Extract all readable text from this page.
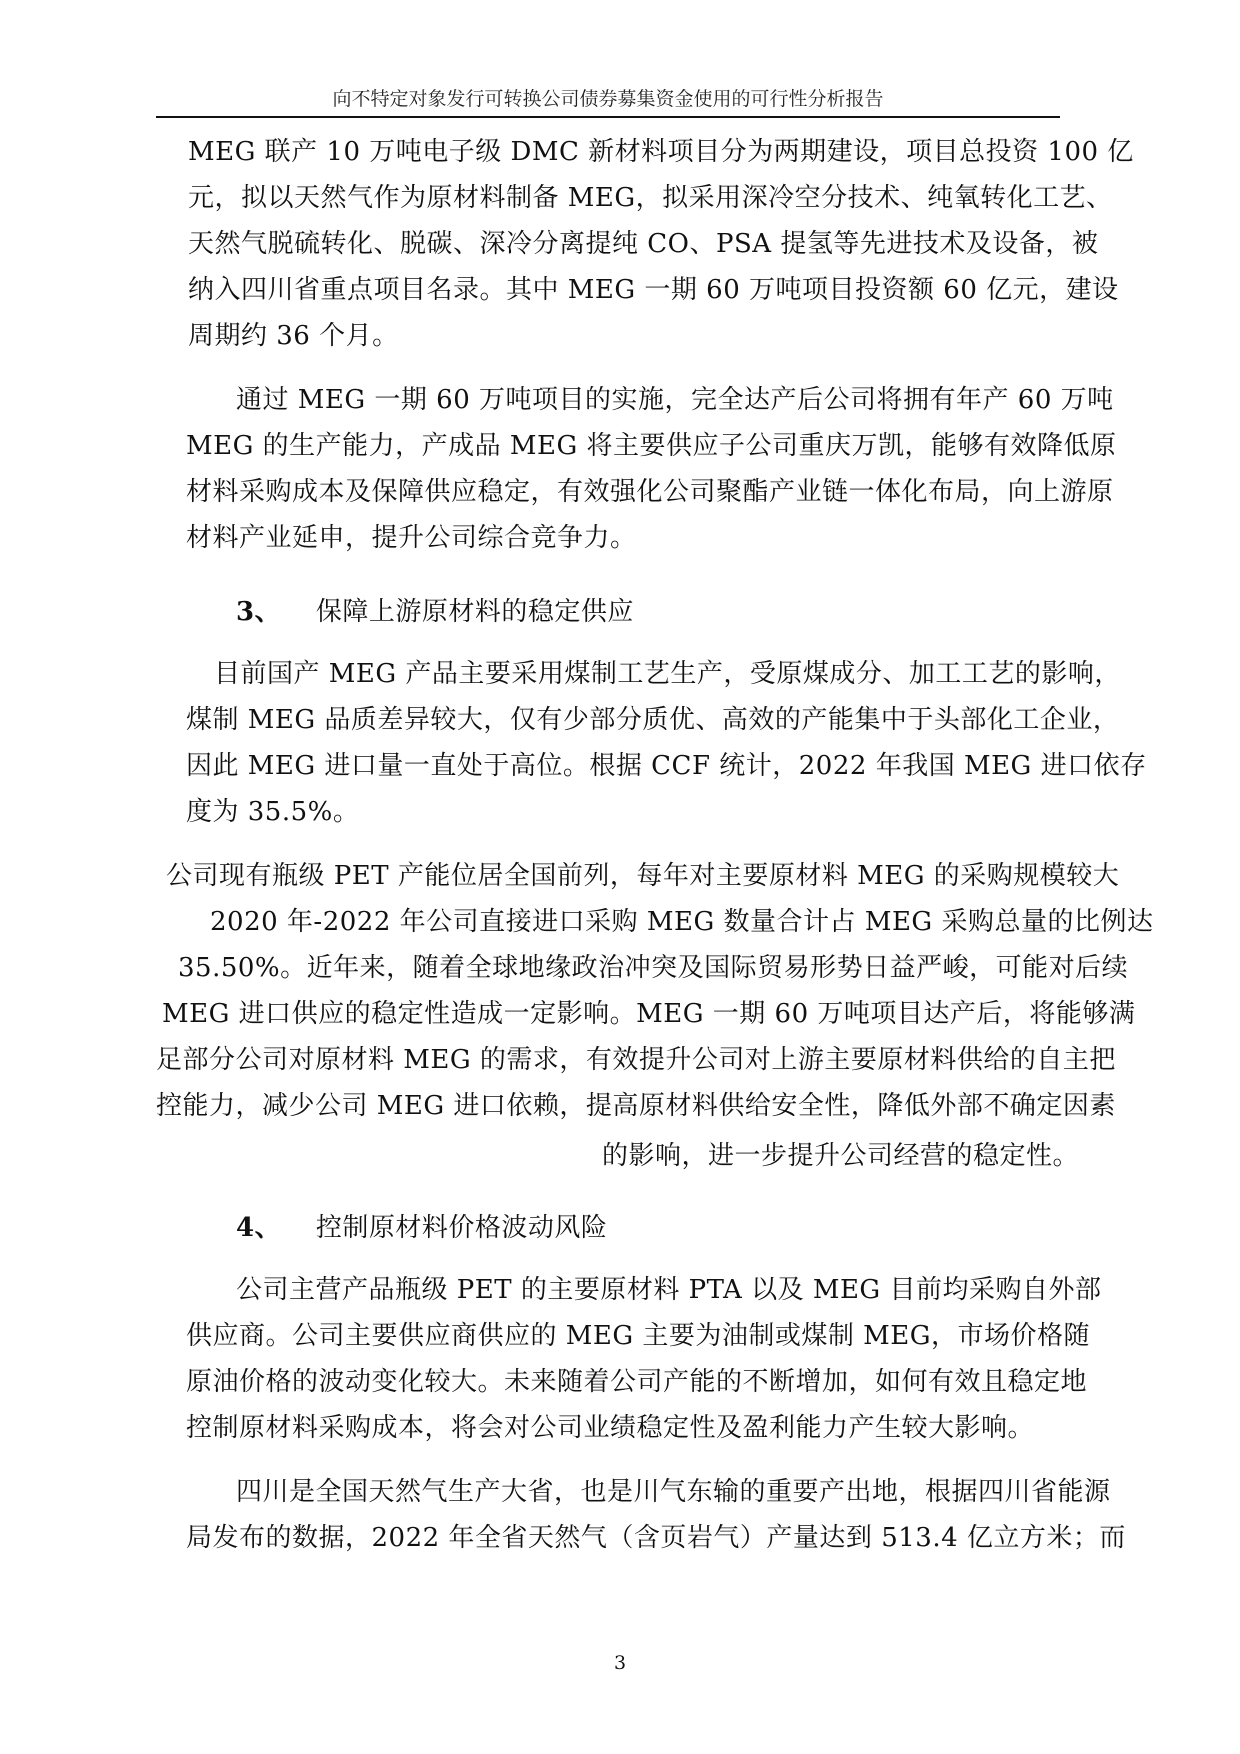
向不特定对象发行可转换公司债券募集资金使用的可行性分析报告
MEG 联产 10 万吨电子级 DMC 新材料项目分为两期建设，项目总投资 100 亿
元，拟以天然气作为原材料制备 MEG，拟采用深冷空分技术、纯氧转化工艺、
天然气脱硫转化、脱碳、深冷分离提纯 CO、PSA 提氢等先进技术及设备，被
纳入四川省重点项目名录。其中 MEG 一期 60 万吨项目投资额 60 亿元，建设
周期约 36 个月。
通过 MEG 一期 60 万吨项目的实施，完全达产后公司将拥有年产 60 万吨
MEG 的生产能力，产成品 MEG 将主要供应子公司重庆万凯，能够有效降低原
材料采购成本及保障供应稳定，有效强化公司聚酯产业链一体化布局，向上游原
材料产业延申，提升公司综合竞争力。
3、 保障上游原材料的稳定供应
目前国产 MEG 产品主要采用煤制工艺生产，受原煤成分、加工工艺的影响，
煤制 MEG 品质差异较大，仅有少部分质优、高效的产能集中于头部化工企业，
因此 MEG 进口量一直处于高位。根据 CCF 统计，2022 年我国 MEG 进口依存
度为 35.5%。
公司现有瓶级 PET 产能位居全国前列，每年对主要原材料 MEG 的采购规模较大
2020 年-2022 年公司直接进口采购 MEG 数量合计占 MEG 采购总量的比例达
35.50%。近年来，随着全球地缘政治冲突及国际贸易形势日益严峻，可能对后续
MEG 进口供应的稳定性造成一定影响。MEG 一期 60 万吨项目达产后，将能够满
足部分公司对原材料 MEG 的需求，有效提升公司对上游主要原材料供给的自主把
控能力，减少公司 MEG 进口依赖，提高原材料供给安全性，降低外部不确定因素
的影响，进一步提升公司经营的稳定性。
4、 控制原材料价格波动风险
公司主营产品瓶级 PET 的主要原材料 PTA 以及 MEG 目前均采购自外部
供应商。公司主要供应商供应的 MEG 主要为油制或煤制 MEG，市场价格随
原油价格的波动变化较大。未来随着公司产能的不断增加，如何有效且稳定地
控制原材料采购成本，将会对公司业绩稳定性及盈利能力产生较大影响。
四川是全国天然气生产大省，也是川气东输的重要产出地，根据四川省能源
局发布的数据，2022 年全省天然气（含页岩气）产量达到 513.4 亿立方米；而
3
